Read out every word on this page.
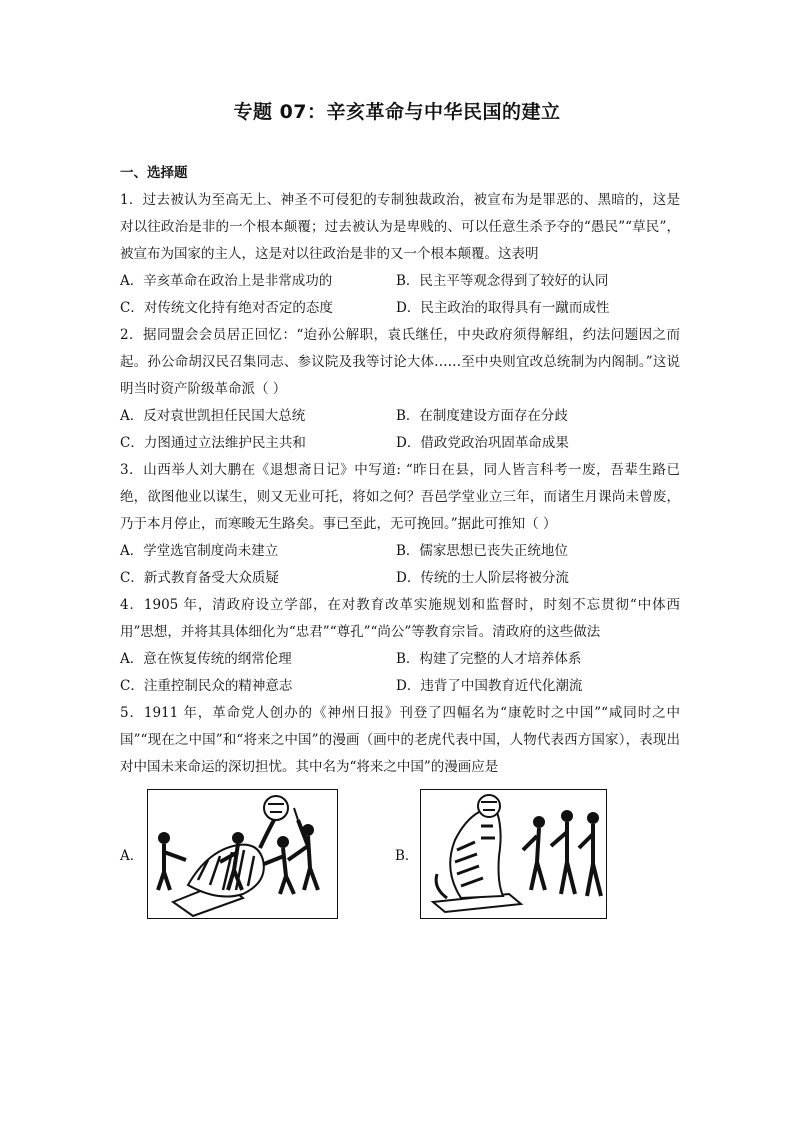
专题 07：辛亥革命与中华民国的建立
一、选择题

1．过去被认为至高无上、神圣不可侵犯的专制独裁政治，被宣布为是罪恶的、黑暗的，这是对以往政治是非的一个根本颠覆；过去被认为是卑贱的、可以任意生杀予夺的“愚民”“草民”，被宣布为国家的主人，这是对以往政治是非的又一个根本颠覆。这表明

A．辛亥革命在政治上是非常成功的	B．民主平等观念得到了较好的认同
C．对传统文化持有绝对否定的态度	D．民主政治的取得具有一蹴而成性

2．据同盟会会员居正回忆：“迨孙公解职，袁氏继任，中央政府须得解组，约法问题因之而起。孙公命胡汉民召集同志、参议院及我等讨论大体……至中央则宜改总统制为内阁制。”这说明当时资产阶级革命派（ ）

A．反对袁世凯担任民国大总统	B．在制度建设方面存在分歧
C．力图通过立法维护民主共和	D．借政党政治巩固革命成果

3．山西举人刘大鹏在《退想斋日记》中写道: “昨日在县，同人皆言科考一废，吾辈生路已绝，欲图他业以谋生，则又无业可托，将如之何？吾邑学堂业立三年，而诸生月课尚未曾废，乃于本月停止，而寒畯无生路矣。事已至此，无可挽回。”据此可推知（ ）

A．学堂选官制度尚未建立	B．儒家思想已丧失正统地位
C．新式教育备受大众质疑	D．传统的士人阶层将被分流

4．1905 年，清政府设立学部，在对教育改革实施规划和监督时，时刻不忘贯彻“中体西用”思想，并将其具体细化为“忠君”“尊孔”“尚公”等教育宗旨。清政府的这些做法

A．意在恢复传统的纲常伦理	B．构建了完整的人才培养体系
C．注重控制民众的精神意志	D．违背了中国教育近代化潮流

5．1911 年，革命党人创办的《神州日报》刊登了四幅名为“康乾时之中国”“咸同时之中国”“现在之中国”和“将来之中国”的漫画（画中的老虎代表中国，人物代表西方国家），表现出对中国未来命运的深切担忧。其中名为“将来之中国”的漫画应是

A．	B．
